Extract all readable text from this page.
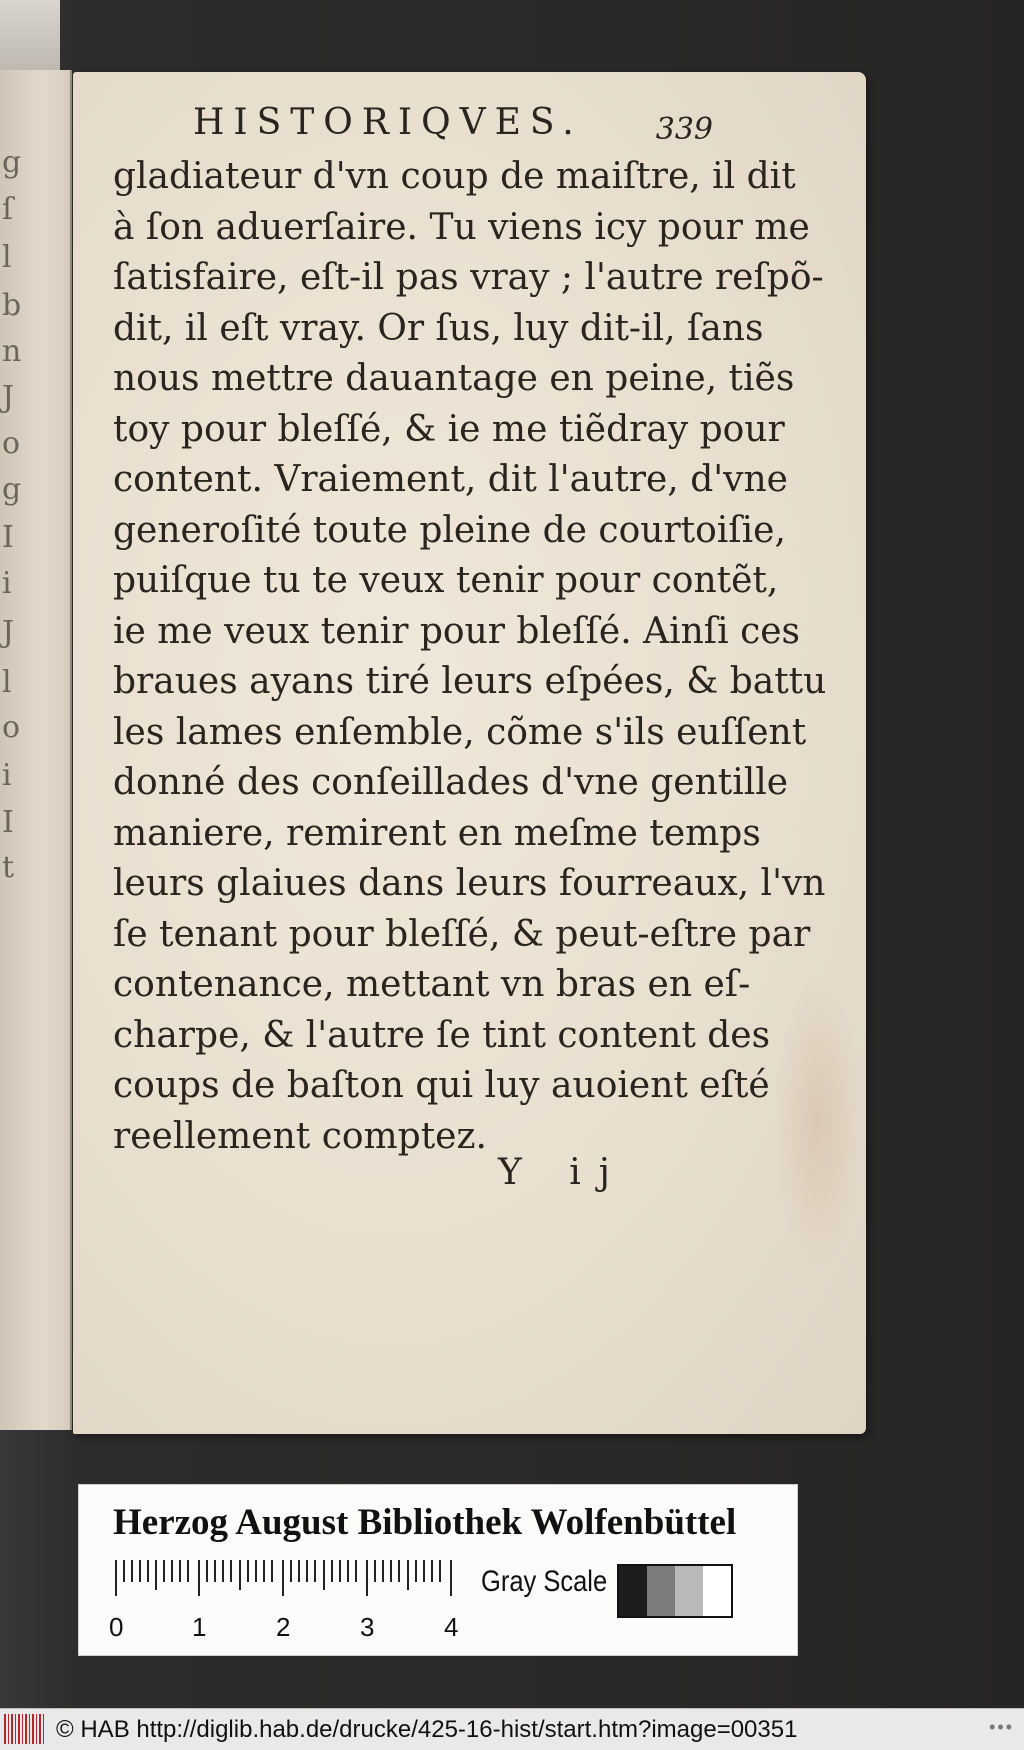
g
ſ
l
b
n
J
o
g
I
i
J
l
o
i
I
t
HISTORIQVES. 339
gladiateur d'vn coup de maiſtre, il dit
à ſon aduerſaire. Tu viens icy pour me
ſatisfaire, eſt-il pas vray ; l'autre reſpõ-
dit, il eſt vray. Or ſus, luy dit-il, ſans
nous mettre dauantage en peine, tiẽs
toy pour bleſſé, & ie me tiẽdray pour
content. Vraiement, dit l'autre, d'vne
generoſité toute pleine de courtoiſie,
puiſque tu te veux tenir pour contẽt,
ie me veux tenir pour bleſſé. Ainſi ces
braues ayans tiré leurs eſpées, & battu
les lames enſemble, cõme s'ils euſſent
donné des conſeillades d'vne gentille
maniere, remirent en meſme temps
leurs glaiues dans leurs fourreaux, l'vn
ſe tenant pour bleſſé, & peut-eſtre par
contenance, mettant vn bras en eſ-
charpe, & l'autre ſe tint content des
coups de baſton qui luy auoient eſté
reellement comptez.
Y ij
Herzog August Bibliothek Wolfenbüttel
0	1	2	3	4
Gray Scale
© HAB http://diglib.hab.de/drucke/425-16-hist/start.htm?image=00351	•••
